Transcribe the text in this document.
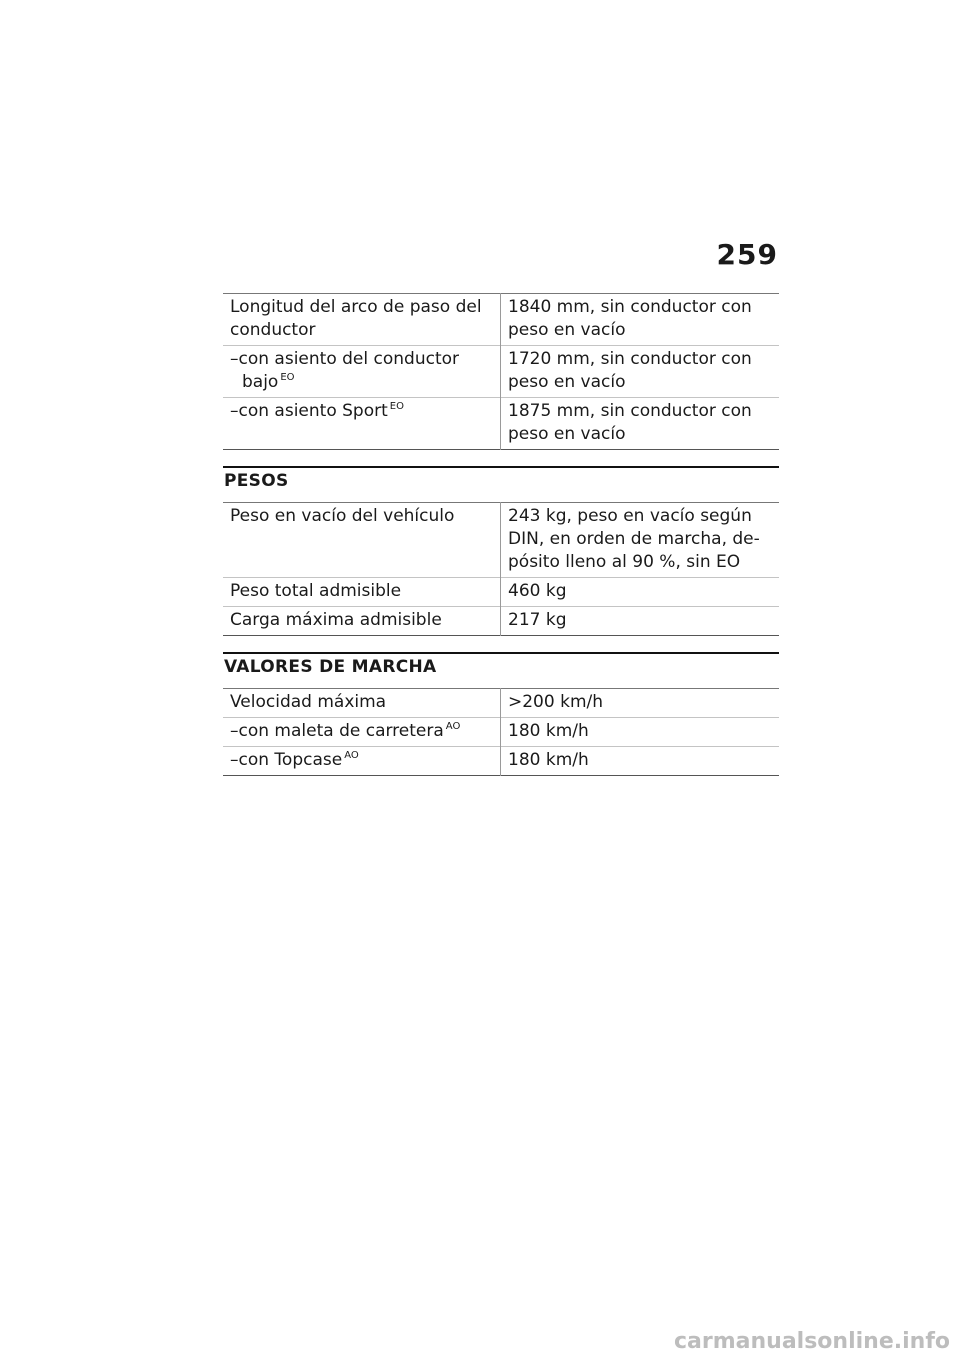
259
Longitud del arco de paso del conductor	1840 mm, sin conductor con peso en vacío

–con asiento del conductor bajo $^{EO}$	1720 mm, sin conductor con peso en vacío

–con asiento Sport $^{EO}$	1875 mm, sin conductor con peso en vacío
PESOS
Peso en vacío del vehículo	243 kg, peso en vacío según DIN, en orden de marcha, de-pósito lleno al 90 %, sin EO
Peso total admisible	460 kg
Carga máxima admisible	217 kg
VALORES DE MARCHA
Velocidad máxima	>200 km/h

–con maleta de carretera $^{AO}$	180 km/h

–con Topcase $^{AO}$	180 km/h
carmanualsonline.info
